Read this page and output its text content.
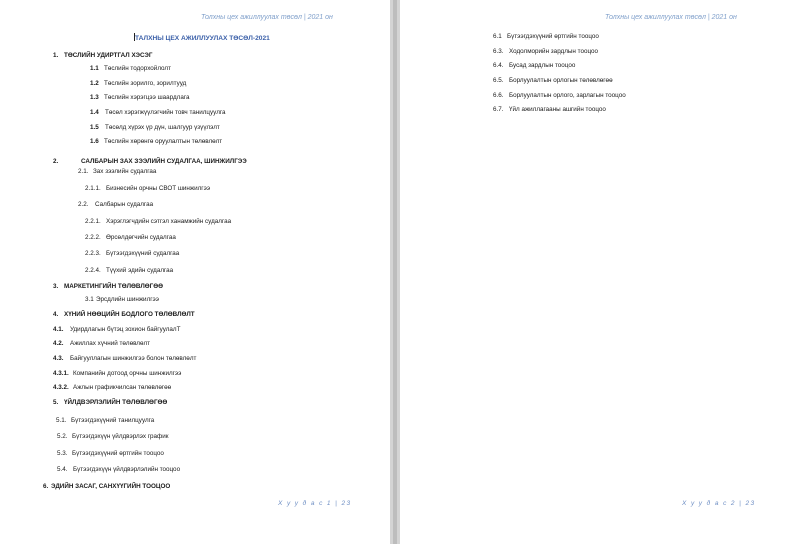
Толхны цех ажиллуулах төсөл | 2021 он
ТАЛХНЫ ЦЕХ АЖИЛЛУУЛАХ ТӨСӨЛ-2021
1. ТӨСЛИЙН УДИРТГАЛ ХЭСЭГ
1.1 Төслийн тодорхойлолт
1.2 Төслийн зорилго, зорилтууд
1.3 Төслийн хэрэгцээ шаардлага
1.4 Төсөл хэрэгжүүлэгчийн товч танилцуулга
1.5 Төсөлд хүрэх үр дүн, шалгуур үзүүлэлт
1.6 Төслийн хөрөнгө оруулалтын төлөвлөлт
2.	САЛБАРЫН ЗАХ ЗЭЭЛИЙН СУДАЛГАА, ШИНЖИЛГЭЭ
2.1. Зах зээлийн судалгаа
2.1.1. Бизнесийн орчны СВОТ шинжилгээ
2.2. Салбарын судалгаа
2.2.1. Хэрэглэгчдийн сэтгэл ханамжийн судалгаа
2.2.2. Өрсөлдөгчийн судалгаа
2.2.3. Бүтээгдэхүүний судалгаа
2.2.4. Түүхий эдийн судалгаа
3. МАРКЕТИНГИЙН ТӨЛӨВЛӨГӨӨ
3.1 Эрсдлийн шинжилгээ
4. ХҮНИЙ НӨӨЦИЙН БОДЛОГО ТӨЛӨВЛӨЛТ
4.1. Удирдлагын бүтэц зохион байгуулалТ
4.2. Ажиллах хүчний төлөвлөлт
4.3. Байгууллагын шинжилгээ болон төлөвлөлт
4.3.1. Компанийн дотоод орчны шинжилгээ
4.3.2. Ажлын графикчилсан төлөвлөгөө
5. ҮЙЛДВЭРЛЭЛИЙН ТӨЛӨВЛӨГӨӨ
5.1. Бүтээгдэхүүний танилцуулга
5.2. Бүтээгдэхүүн үйлдвэрлэх график
5.3. Бүтээгдэхүүний өртгийн тооцоо
5.4. Бүтээгдэхүүн үйлдвэрлэлийн тооцоо
6. ЭДИЙН ЗАСАГ, САНХҮҮГИЙН ТООЦОО
Х у у д а с 1 | 23
Толхны цех ажиллуулах төсөл | 2021 он
6.1 Бүтээгдэхүүний өртгийн тооцоо
6.3. Ходолморийн зардлын тооцоо
6.4. Бусад зардлын тооцоо
6.5. Борлуулалтын орлогын төлөвлөгөө
6.6. Борлуулалтын орлого, зарлагын тооцоо
6.7. Үйл ажиллагааны ашгийн тооцоо
Х у у д а с 2 | 23
